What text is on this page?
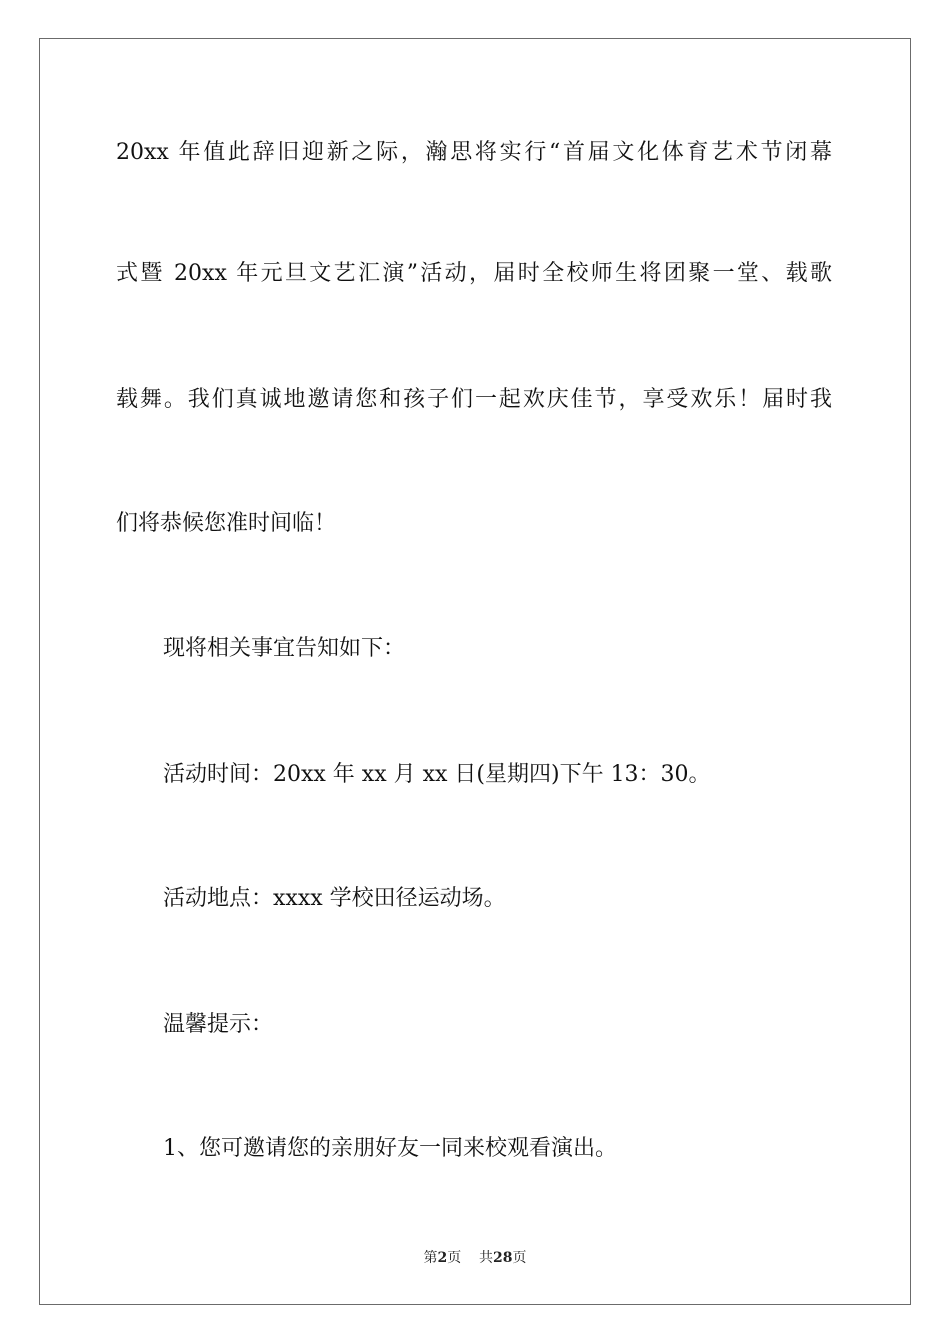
20xx 年值此辞旧迎新之际，瀚思将实行“首届文化体育艺术节闭幕
式暨 20xx 年元旦文艺汇演”活动，届时全校师生将团聚一堂、载歌
载舞。我们真诚地邀请您和孩子们一起欢庆佳节，享受欢乐！届时我
们将恭候您准时间临！
现将相关事宜告知如下：
活动时间：20xx 年 xx 月 xx 日(星期四)下午 13：30。
活动地点：xxxx 学校田径运动场。
温馨提示：
1、您可邀请您的亲朋好友一同来校观看演出。
第2页 共28页
